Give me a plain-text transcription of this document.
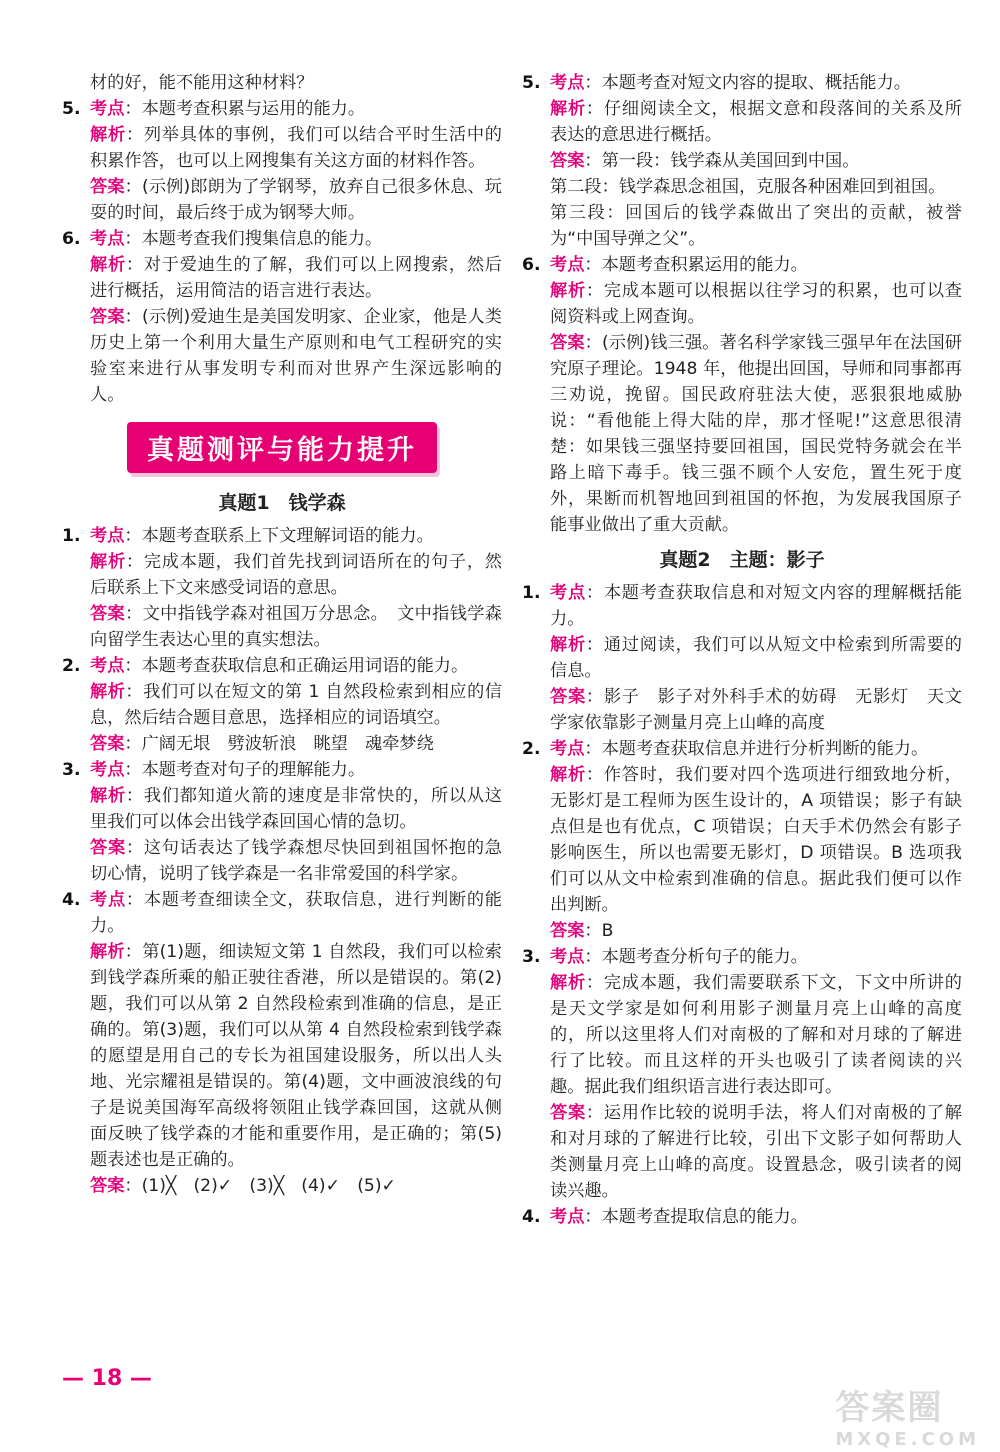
材的好，能不能用这种材料？
5. 考点：本题考查积累与运用的能力。
解析：列举具体的事例，我们可以结合平时生活中的积累作答，也可以上网搜集有关这方面的材料作答。
答案：(示例)郎朗为了学钢琴，放弃自己很多休息、玩耍的时间，最后终于成为钢琴大师。
6. 考点：本题考查我们搜集信息的能力。
解析：对于爱迪生的了解，我们可以上网搜索，然后进行概括，运用简洁的语言进行表达。
答案：(示例)爱迪生是美国发明家、企业家，他是人类历史上第一个利用大量生产原则和电气工程研究的实验室来进行从事发明专利而对世界产生深远影响的人。
真题测评与能力提升
真题1　钱学森
1. 考点：本题考查联系上下文理解词语的能力。
解析：完成本题，我们首先找到词语所在的句子，然后联系上下文来感受词语的意思。
答案：文中指钱学森对祖国万分思念。　文中指钱学森向留学生表达心里的真实想法。
2. 考点：本题考查获取信息和正确运用词语的能力。
解析：我们可以在短文的第 1 自然段检索到相应的信息，然后结合题目意思，选择相应的词语填空。
答案：广阔无垠　劈波斩浪　眺望　魂牵梦绕
3. 考点：本题考查对句子的理解能力。
解析：我们都知道火箭的速度是非常快的，所以从这里我们可以体会出钱学森回国心情的急切。
答案：这句话表达了钱学森想尽快回到祖国怀抱的急切心情，说明了钱学森是一名非常爱国的科学家。
4. 考点：本题考查细读全文，获取信息，进行判断的能力。
解析：第(1)题，细读短文第 1 自然段，我们可以检索到钱学森所乘的船正驶往香港，所以是错误的。第(2)题，我们可以从第 2 自然段检索到准确的信息，是正确的。第(3)题，我们可以从第 4 自然段检索到钱学森的愿望是用自己的专长为祖国建设服务，所以出人头地、光宗耀祖是错误的。第(4)题，文中画波浪线的句子是说美国海军高级将领阻止钱学森回国，这就从侧面反映了钱学森的才能和重要作用，是正确的；第(5)题表述也是正确的。
答案：(1)╳　(2)✓　(3)╳　(4)✓　(5)✓
5. 考点：本题考查对短文内容的提取、概括能力。
解析：仔细阅读全文，根据文意和段落间的关系及所表达的意思进行概括。
答案：第一段：钱学森从美国回到中国。
第二段：钱学森思念祖国，克服各种困难回到祖国。
第三段：回国后的钱学森做出了突出的贡献，被誉为“中国导弹之父”。
6. 考点：本题考查积累运用的能力。
解析：完成本题可以根据以往学习的积累，也可以查阅资料或上网查询。
答案：(示例)钱三强。著名科学家钱三强早年在法国研究原子理论。1948 年，他提出回国，导师和同事都再三劝说，挽留。国民政府驻法大使，恶狠狠地威胁说：“看他能上得大陆的岸，那才怪呢!”这意思很清楚：如果钱三强坚持要回祖国，国民党特务就会在半路上暗下毒手。钱三强不顾个人安危，置生死于度外，果断而机智地回到祖国的怀抱，为发展我国原子能事业做出了重大贡献。
真题2　主题：影子
1. 考点：本题考查获取信息和对短文内容的理解概括能力。
解析：通过阅读，我们可以从短文中检索到所需要的信息。
答案：影子　影子对外科手术的妨碍　无影灯　天文学家依靠影子测量月亮上山峰的高度
2. 考点：本题考查获取信息并进行分析判断的能力。
解析：作答时，我们要对四个选项进行细致地分析，无影灯是工程师为医生设计的，A 项错误；影子有缺点但是也有优点，C 项错误；白天手术仍然会有影子影响医生，所以也需要无影灯，D 项错误。B 选项我们可以从文中检索到准确的信息。据此我们便可以作出判断。
答案：B
3. 考点：本题考查分析句子的能力。
解析：完成本题，我们需要联系下文，下文中所讲的是天文学家是如何利用影子测量月亮上山峰的高度的，所以这里将人们对南极的了解和对月球的了解进行了比较。而且这样的开头也吸引了读者阅读的兴趣。据此我们组织语言进行表达即可。
答案：运用作比较的说明手法，将人们对南极的了解和对月球的了解进行比较，引出下文影子如何帮助人类测量月亮上山峰的高度。设置悬念，吸引读者的阅读兴趣。
4. 考点：本题考查提取信息的能力。
— 18 —
答案圈
MXQE.COM
